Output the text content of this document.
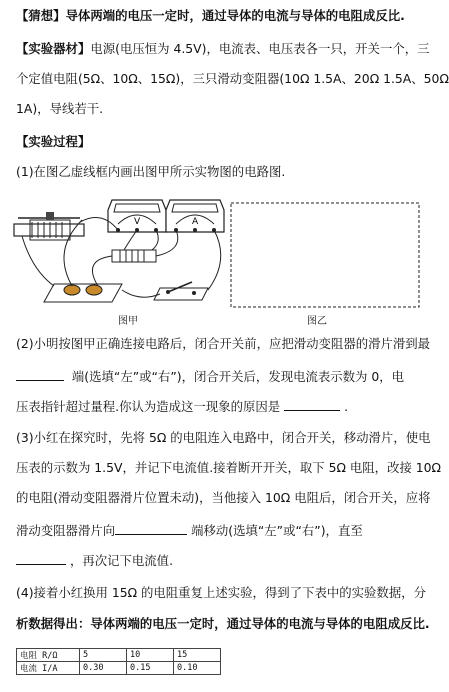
【猜想】导体两端的电压一定时，通过导体的电流与导体的电阻成反比.
【实验器材】电源(电压恒为 4.5V)，电流表、电压表各一只，开关一个，三
个定值电阻(5Ω、10Ω、15Ω)，三只滑动变阻器(10Ω 1.5A、20Ω 1.5A、50Ω
1A)，导线若干.
【实验过程】
(1)在图乙虚线框内画出图甲所示实物图的电路图.
V	A
图甲	图乙
(2)小明按图甲正确连接电路后，闭合开关前，应把滑动变阻器的滑片滑到最
端(选填“左”或“右”)，闭合开关后，发现电流表示数为 0，电
压表指针超过量程.你认为造成这一现象的原因是	.
(3)小红在探究时，先将 5Ω 的电阻连入电路中，闭合开关，移动滑片，使电
压表的示数为 1.5V，并记下电流值.接着断开开关，取下 5Ω 电阻，改接 10Ω
的电阻(滑动变阻器滑片位置未动)，当他接入 10Ω 电阻后，闭合开关，应将
滑动变阻器滑片向	端移动(选填“左”或“右”)，直至
，再次记下电流值.
(4)接着小红换用 15Ω 的电阻重复上述实验，得到了下表中的实验数据，分
析数据得出：导体两端的电压一定时，通过导体的电流与导体的电阻成反比.
电阻 R/Ω	5	10	15
电流 I/A	0.30	0.15	0.10
